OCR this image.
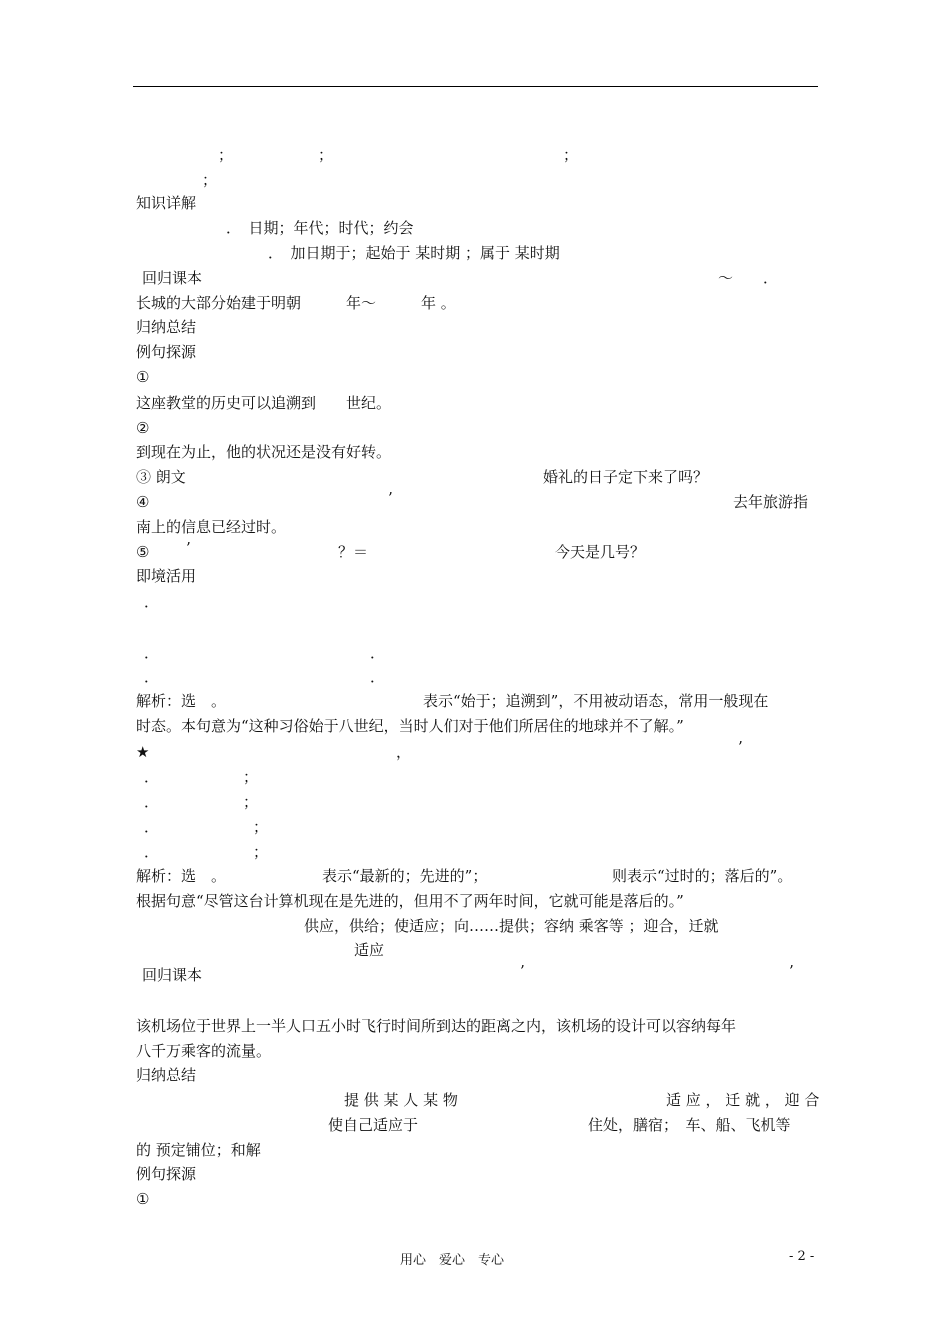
；	；	；
；
知识详解
．　日期；年代；时代；约会
．　加日期于；起始于 某时期 ；属于 某时期
回归课本	～　　．
长城的大部分始建于明朝　　　年～　　　年 。
归纳总结
例句探源
①
这座教堂的历史可以追溯到　　世纪。
②
到现在为止，他的状况还是没有好转。
③ 朗文	婚礼的日子定下来了吗？
④	’	去年旅游指
南上的信息已经过时。
⑤ ’	？＝	今天是几号？
即境活用
．
．	．
．	．
解析：选　。	表示“始于；追溯到”，不用被动语态，常用一般现在
时态。本句意为“这种习俗始于八世纪，当时人们对于他们所居住的地球并不了解。”
★	，	’
．	；
．	；
．	；
．	；
解析：选　。	表示“最新的；先进的”；	则表示“过时的；落后的”。
根据句意“尽管这台计算机现在是先进的，但用不了两年时间，它就可能是落后的。”
供应，供给；使适应；向……提供；容纳 乘客等 ；迎合，迁就
适应
回归课本	’	’
该机场位于世界上一半人口五小时飞行时间所到达的距离之内，该机场的设计可以容纳每年
八千万乘客的流量。
归纳总结
提 供 某 人 某 物	适 应 ， 迁 就 ， 迎 合
使自己适应于	住处，膳宿；　车、船、飞机等
的 预定铺位；和解
例句探源
①
用心　爱心　专心	- 2 -
